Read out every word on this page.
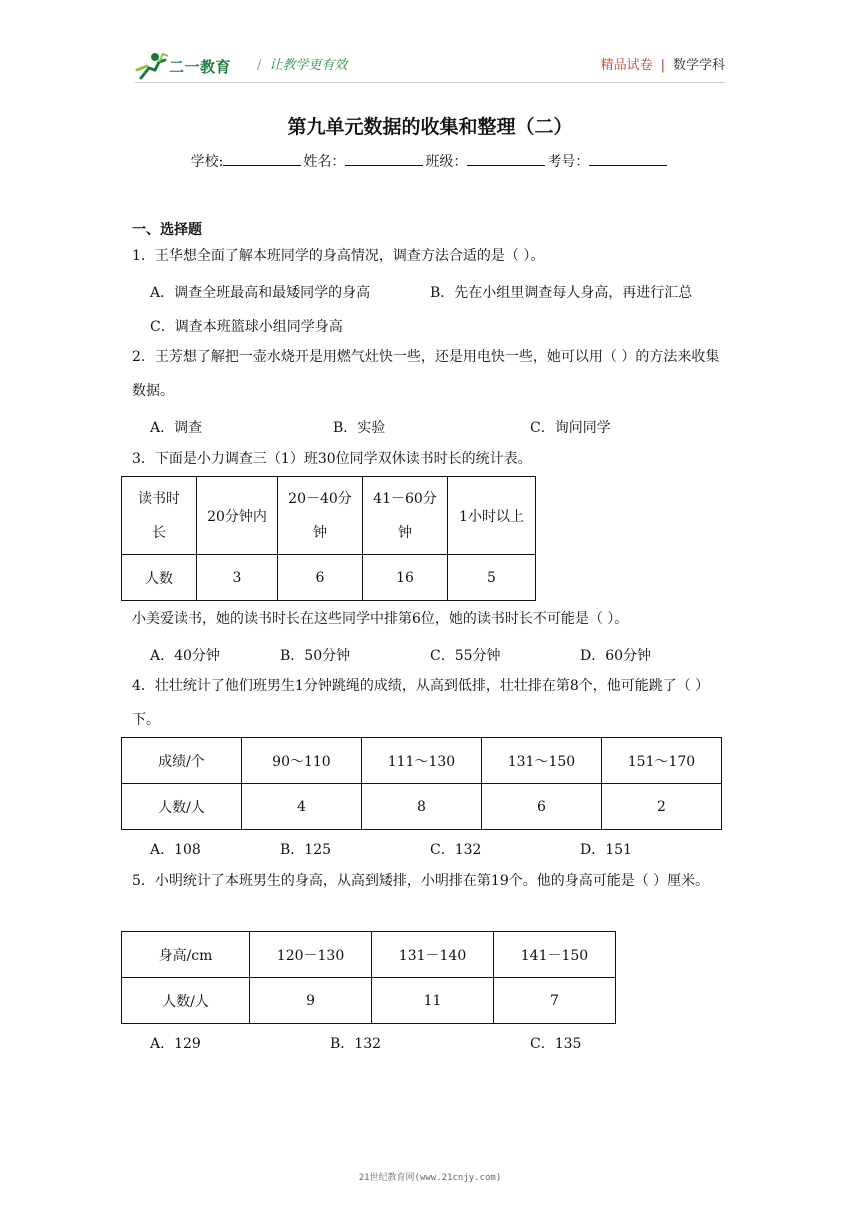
二一教育 / 让教学更有效	精品试卷 | 数学学科
第九单元数据的收集和整理（二）
学校:	姓名：	班级：	考号：
一、选择题
1．王华想全面了解本班同学的身高情况，调查方法合适的是（ ）。
A．调查全班最高和最矮同学的身高	B．先在小组里调查每人身高，再进行汇总
C．调查本班篮球小组同学身高
2．王芳想了解把一壶水烧开是用燃气灶快一些，还是用电快一些，她可以用（ ）的方法来收集数据。
A．调查	B．实验	C．询问同学
3．下面是小力调查三（1）班30位同学双休读书时长的统计表。
读书时长	20分钟内	20－40分钟	41－60分钟	1小时以上
人数	3	6	16	5
小美爱读书，她的读书时长在这些同学中排第6位，她的读书时长不可能是（ ）。
A．40分钟	B．50分钟	C．55分钟	D．60分钟
4．壮壮统计了他们班男生1分钟跳绳的成绩，从高到低排，壮壮排在第8个，他可能跳了（ ）下。
成绩/个	90～110	111～130	131～150	151～170
人数/人	4	8	6	2
A．108	B．125	C．132	D．151
5．小明统计了本班男生的身高，从高到矮排，小明排在第19个。他的身高可能是（ ）厘米。
身高/cm	120－130	131－140	141－150
人数/人	9	11	7
A．129	B．132	C．135
21世纪教育网(www.21cnjy.com)
